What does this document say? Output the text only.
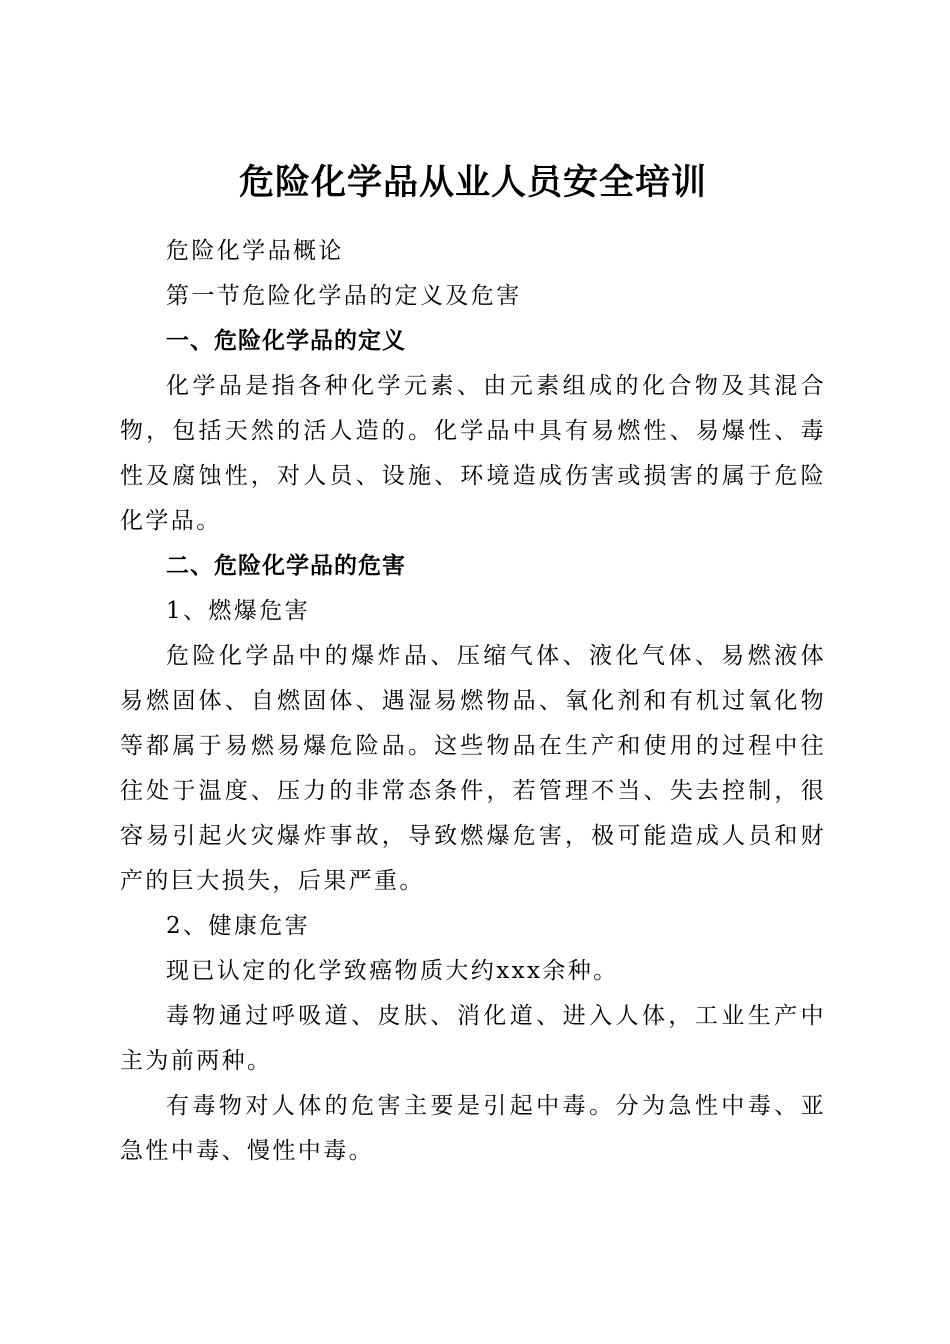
危险化学品从业人员安全培训

危险化学品概论

第一节危险化学品的定义及危害

一、危险化学品的定义

化学品是指各种化学元素、由元素组成的化合物及其混合物，包括天然的活人造的。化学品中具有易燃性、易爆性、毒性及腐蚀性，对人员、设施、环境造成伤害或损害的属于危险化学品。

二、危险化学品的危害

1、燃爆危害

危险化学品中的爆炸品、压缩气体、液化气体、易燃液体易燃固体、自燃固体、遇湿易燃物品、氧化剂和有机过氧化物等都属于易燃易爆危险品。这些物品在生产和使用的过程中往往处于温度、压力的非常态条件，若管理不当、失去控制，很容易引起火灾爆炸事故，导致燃爆危害，极可能造成人员和财产的巨大损失，后果严重。

2、健康危害

现已认定的化学致癌物质大约xxx余种。

毒物通过呼吸道、皮肤、消化道、进入人体，工业生产中主为前两种。

有毒物对人体的危害主要是引起中毒。分为急性中毒、亚急性中毒、慢性中毒。
